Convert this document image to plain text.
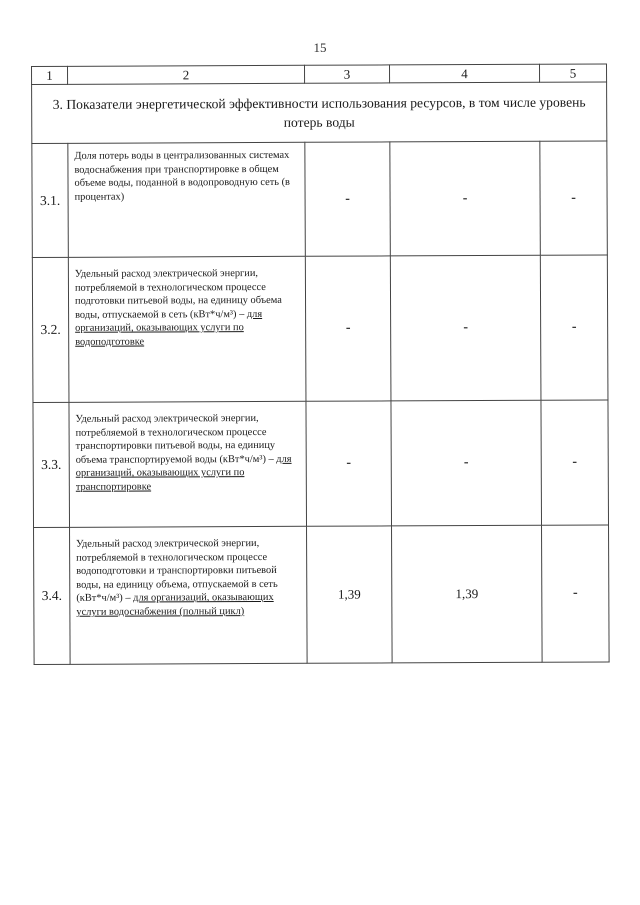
15
1	2	3	4	5
3. Показатели энергетической эффективности использования ресурсов, в том числе уровень потерь воды				
3.1.	Доля потерь воды в централизованных системах водоснабжения при транспортировке в общем объеме воды, поданной в водопроводную сеть (в процентах)	-	-	-
3.2.	Удельный расход электрической энергии, потребляемой в технологическом процессе подготовки питьевой воды, на единицу объема воды, отпускаемой в сеть (кВт*ч/м³) – для организаций, оказывающих услуги по водоподготовке	-	-	-
3.3.	Удельный расход электрической энергии, потребляемой в технологическом процессе транспортировки питьевой воды, на единицу объема транспортируемой воды (кВт*ч/м³) – для организаций, оказывающих услуги по транспортировке	-	-	-
3.4.	Удельный расход электрической энергии, потребляемой в технологическом процессе водоподготовки и транспортировки питьевой воды, на единицу объема, отпускаемой в сеть (кВт*ч/м³) – для организаций, оказывающих услуги водоснабжения (полный цикл)	1,39	1,39	-
